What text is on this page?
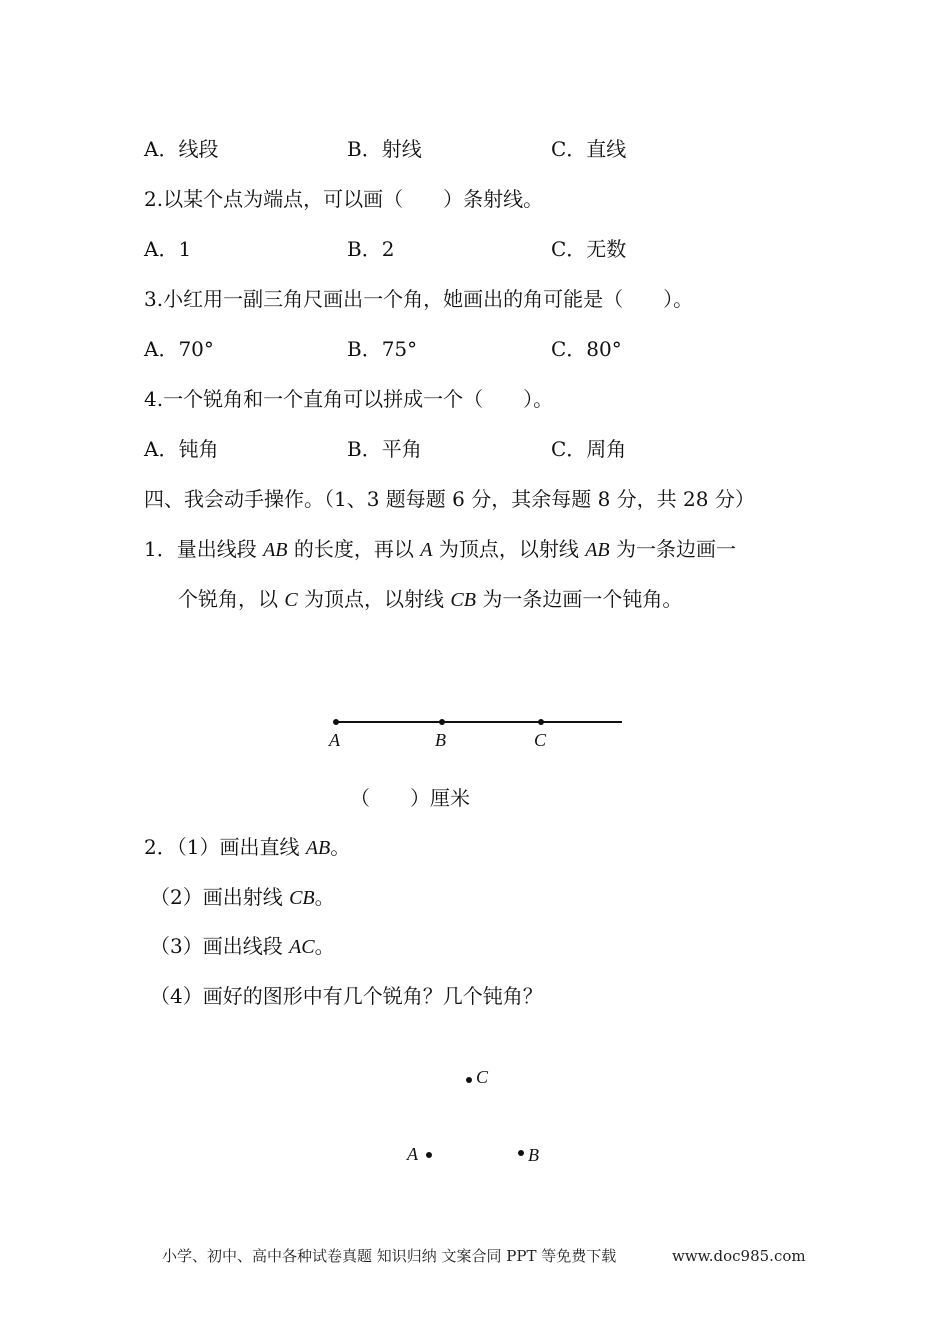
A．线段	B．射线	C．直线
2.以某个点为端点，可以画（　　）条射线。
A．1	B．2	C．无数
3.小红用一副三角尺画出一个角，她画出的角可能是（　　）。
A．70°	B．75°	C．80°
4.一个锐角和一个直角可以拼成一个（　　）。
A．钝角	B．平角	C．周角
四、我会动手操作。（1、3 题每题 6 分，其余每题 8 分，共 28 分）
1．量出线段 AB 的长度，再以 A 为顶点，以射线 AB 为一条边画一
个锐角，以 C 为顶点，以射线 CB 为一条边画一个钝角。
A	B	C
（　　）厘米
2．（1）画出直线 AB。
（2）画出射线 CB。
（3）画出线段 AC。
（4）画好的图形中有几个锐角？几个钝角？
C
A	B
小学、初中、高中各种试卷真题 知识归纳 文案合同 PPT 等免费下载	www.doc985.com
